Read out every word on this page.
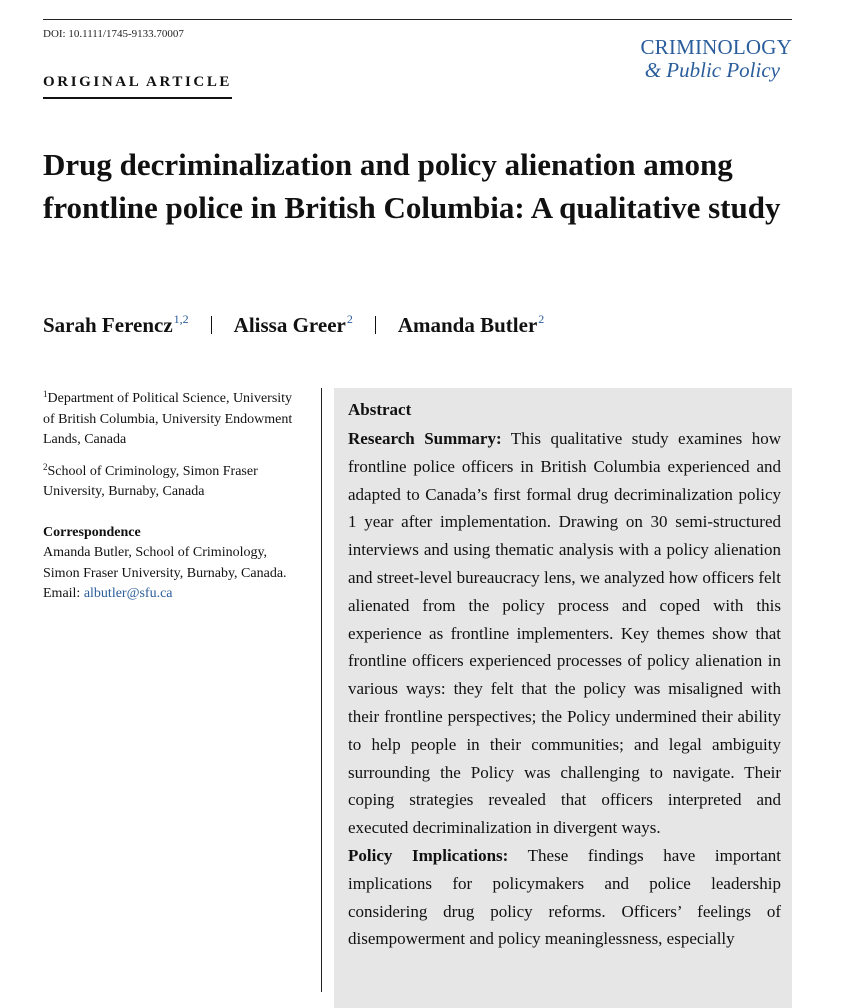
DOI: 10.1111/1745-9133.70007
CRIMINOLOGY
& Public Policy
ORIGINAL ARTICLE
Drug decriminalization and policy alienation among frontline police in British Columbia: A qualitative study
Sarah Ferencz$^{1,2}$ Alissa Greer$^2$ Amanda Butler$^2$

$^1$Department of Political Science, University of British Columbia, University Endowment Lands, Canada

$^2$School of Criminology, Simon Fraser University, Burnaby, Canada

Correspondence
Amanda Butler, School of Criminology, Simon Fraser University, Burnaby, Canada.
Email: albutler@sfu.ca
Abstract

Research Summary: This qualitative study examines how frontline police officers in British Columbia experienced and adapted to Canada’s first formal drug decriminalization policy 1 year after implementation. Drawing on 30 semi-structured interviews and using thematic analysis with a policy alienation and street-level bureaucracy lens, we analyzed how officers felt alienated from the policy process and coped with this experience as frontline implementers. Key themes show that frontline officers experienced processes of policy alienation in various ways: they felt that the policy was misaligned with their frontline perspectives; the Policy undermined their ability to help people in their communities; and legal ambiguity surrounding the Policy was challenging to navigate. Their coping strategies revealed that officers interpreted and executed decriminalization in divergent ways.

Policy Implications: These findings have important implications for policymakers and police leadership considering drug policy reforms. Officers’ feelings of disempowerment and policy meaninglessness, especially
